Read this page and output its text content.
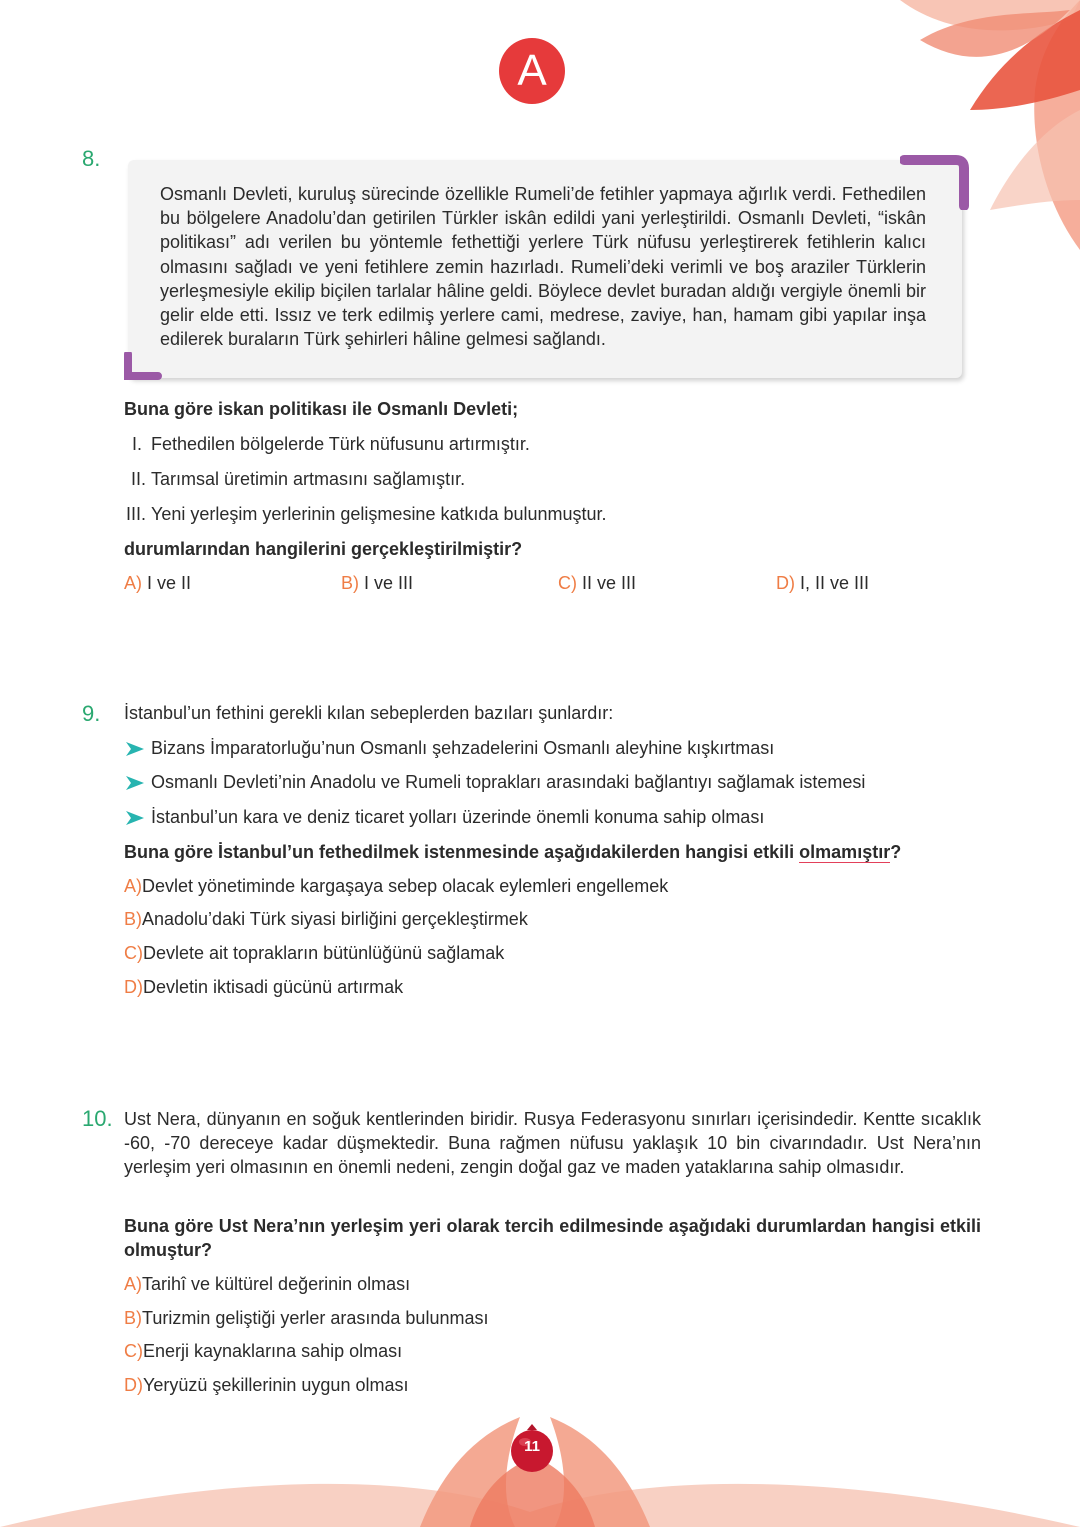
A
8.

Osmanlı Devleti, kuruluş sürecinde özellikle Rumeli’de fetihler yapmaya ağırlık verdi. Fethedilen bu bölgelere Anadolu’dan getirilen Türkler iskân edildi yani yerleştirildi. Osmanlı Devleti, “iskân politikası” adı verilen bu yöntemle fethettiği yerlere Türk nüfusu yerleştirerek fetihlerin kalıcı olmasını sağladı ve yeni fetihlere zemin hazırladı. Rumeli’deki verimli ve boş araziler Türklerin yerleşmesiyle ekilip biçilen tarlalar hâline geldi. Böylece devlet buradan aldığı vergiyle önemli bir gelir elde etti. Issız ve terk edilmiş yerlere cami, medrese, zaviye, han, hamam gibi yapılar inşa edilerek buraların Türk şehirleri hâline gelmesi sağlandı.

Buna göre iskan politikası ile Osmanlı Devleti;
I. Fethedilen bölgelerde Türk nüfusunu artırmıştır.
II. Tarımsal üretimin artmasını sağlamıştır.
III. Yeni yerleşim yerlerinin gelişmesine katkıda bulunmuştur.
durumlarından hangilerini gerçekleştirilmiştir?
A) I ve II	B) I ve III	C) II ve III	D) I, II ve III
9. İstanbul’un fethini gerekli kılan sebeplerden bazıları şunlardır:
Bizans İmparatorluğu’nun Osmanlı şehzadelerini Osmanlı aleyhine kışkırtması
Osmanlı Devleti’nin Anadolu ve Rumeli toprakları arasındaki bağlantıyı sağlamak istemesi
İstanbul’un kara ve deniz ticaret yolları üzerinde önemli konuma sahip olması
Buna göre İstanbul’un fethedilmek istenmesinde aşağıdakilerden hangisi etkili olmamıştır?
A)Devlet yönetiminde kargaşaya sebep olacak eylemleri engellemek
B)Anadolu’daki Türk siyasi birliğini gerçekleştirmek
C)Devlete ait toprakların bütünlüğünü sağlamak
D)Devletin iktisadi gücünü artırmak
10. Ust Nera, dünyanın en soğuk kentlerinden biridir. Rusya Federasyonu sınırları içerisindedir. Kentte sıcaklık -60, -70 dereceye kadar düşmektedir. Buna rağmen nüfusu yaklaşık 10 bin civarındadır. Ust Nera’nın yerleşim yeri olmasının en önemli nedeni, zengin doğal gaz ve maden yataklarına sahip olmasıdır.

Buna göre Ust Nera’nın yerleşim yeri olarak tercih edilmesinde aşağıdaki durumlardan hangisi etkili olmuştur?

A)Tarihî ve kültürel değerinin olması
B)Turizmin geliştiği yerler arasında bulunması
C)Enerji kaynaklarına sahip olması
D)Yeryüzü şekillerinin uygun olması
11
